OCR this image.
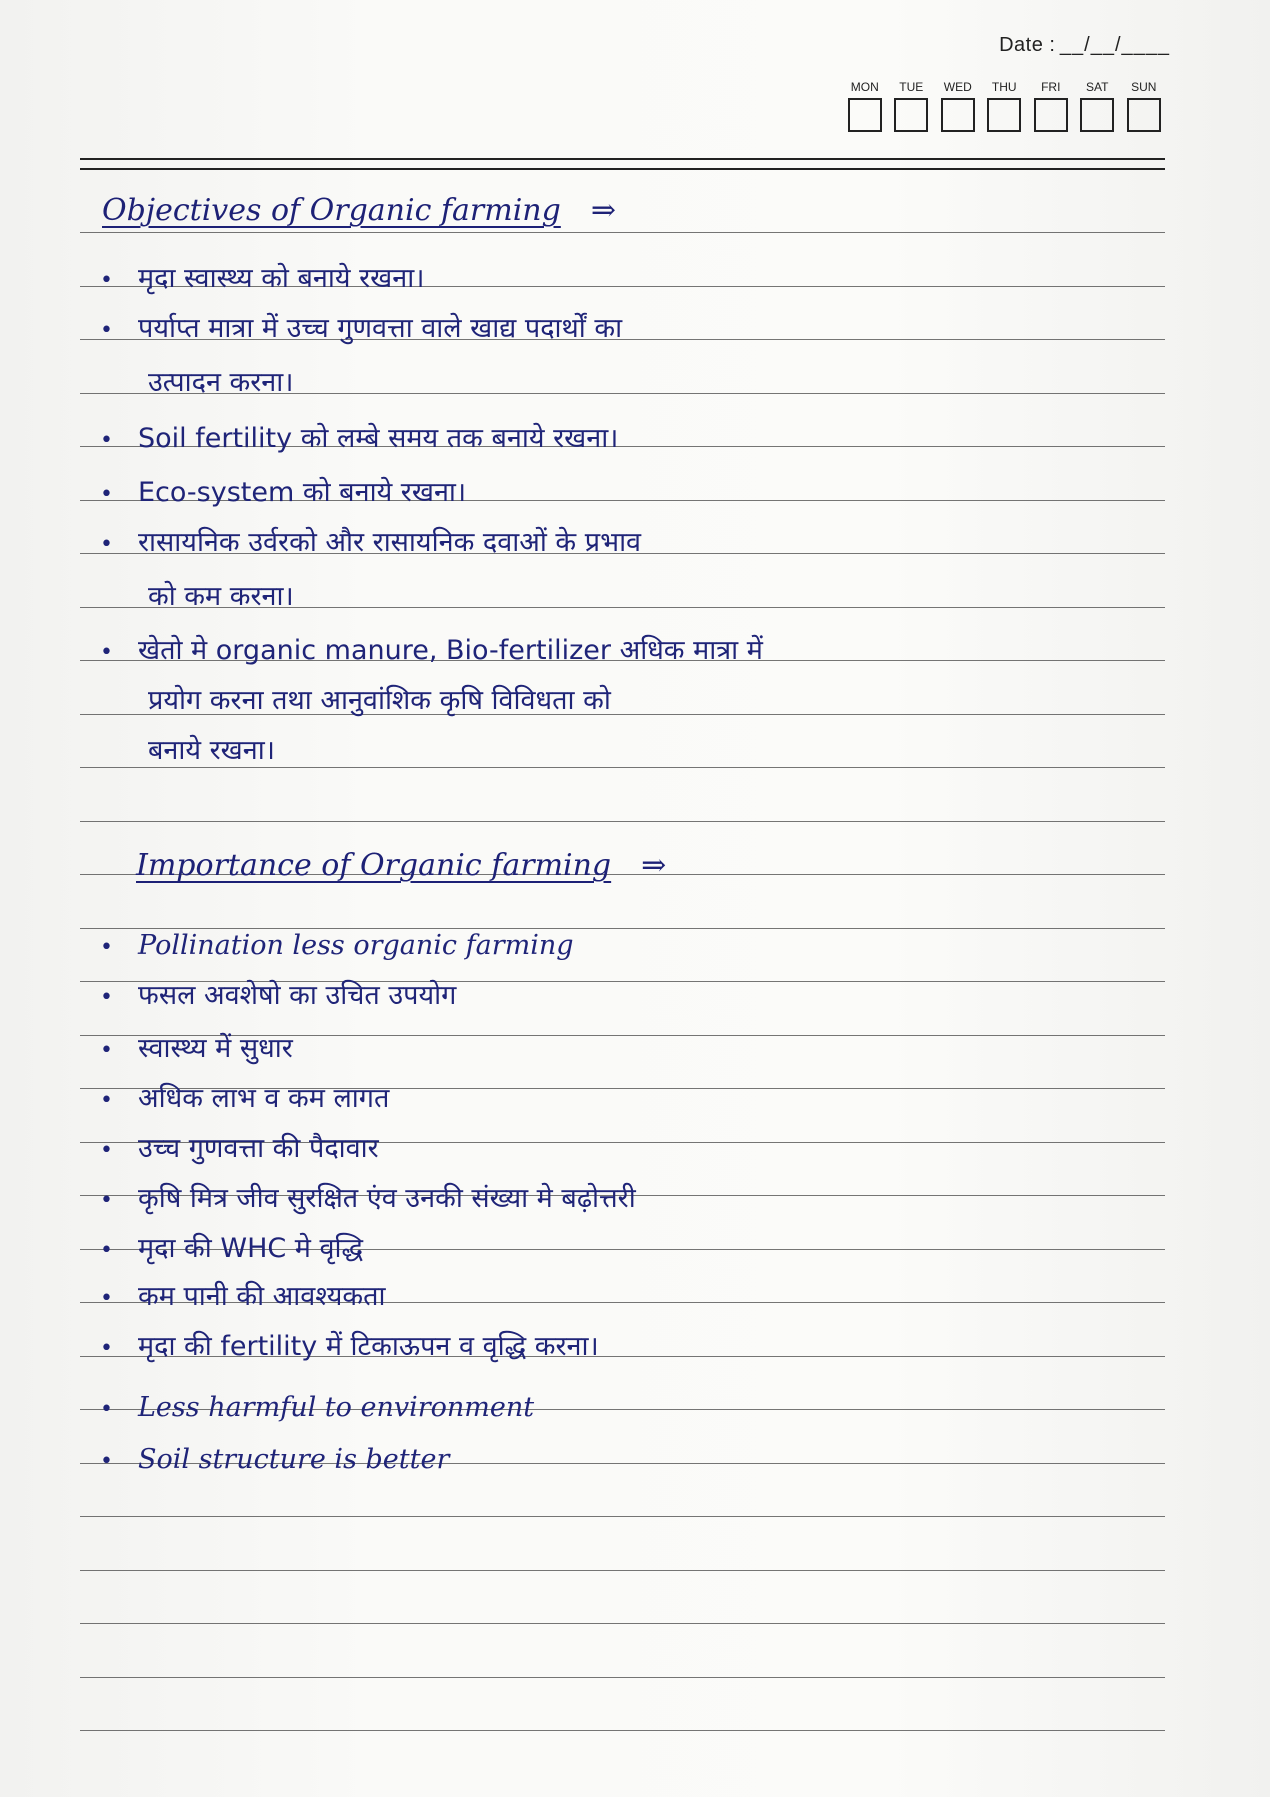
Date : __/__/____
MON	TUE	WED	THU	FRI	SAT	SUN
Objectives of Organic farming ⇒
• मृदा स्वास्थ्य को बनाये रखना।
• पर्याप्त मात्रा में उच्च गुणवत्ता वाले खाद्य पदार्थों का
उत्पादन करना।
• Soil fertility को लम्बे समय तक बनाये रखना।
• Eco-system को बनाये रखना।
• रासायनिक उर्वरको और रासायनिक दवाओं के प्रभाव
को कम करना।
• खेतो मे organic manure, Bio-fertilizer अधिक मात्रा में
प्रयोग करना तथा आनुवांशिक कृषि विविधता को
बनाये रखना।
Importance of Organic farming ⇒
• Pollination less organic farming
• फसल अवशेषो का उचित उपयोग
• स्वास्थ्य में सुधार
• अधिक लाभ व कम लागत
• उच्च गुणवत्ता की पैदावार
• कृषि मित्र जीव सुरक्षित एंव उनकी संख्या मे बढ़ोत्तरी
• मृदा की WHC मे वृद्धि
• कम पानी की आवश्यकता
• मृदा की fertility में टिकाऊपन व वृद्धि करना।
• Less harmful to environment
• Soil structure is better
